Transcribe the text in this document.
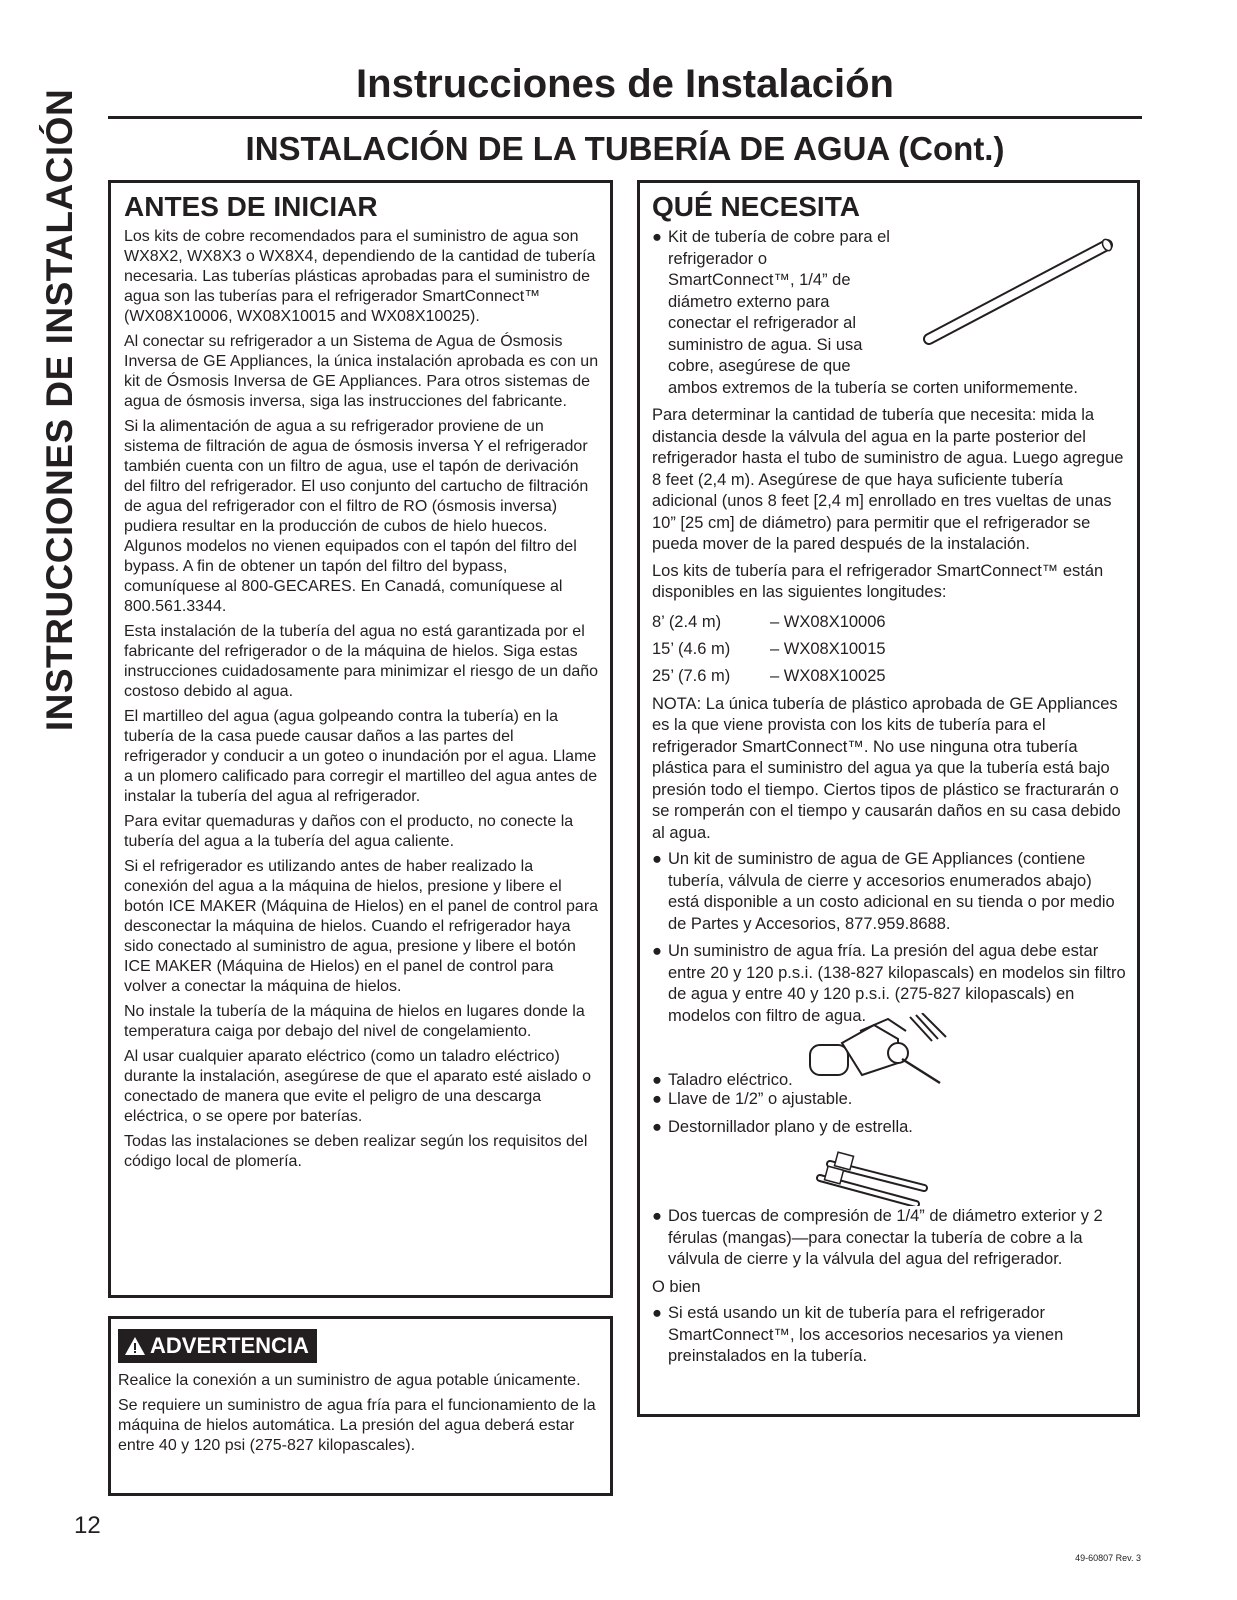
INSTRUCCIONES DE INSTALACIÓN
Instrucciones de Instalación
INSTALACIÓN DE LA TUBERÍA DE AGUA (Cont.)
ANTES DE INICIAR

Los kits de cobre recomendados para el suministro de agua son WX8X2, WX8X3 o WX8X4, dependiendo de la cantidad de tubería necesaria. Las tuberías plásticas aprobadas para el suministro de agua son las tuberías para el refrigerador SmartConnect™ (WX08X10006, WX08X10015 and WX08X10025).

Al conectar su refrigerador a un Sistema de Agua de Ósmosis Inversa de GE Appliances, la única instalación aprobada es con un kit de Ósmosis Inversa de GE Appliances. Para otros sistemas de agua de ósmosis inversa, siga las instrucciones del fabricante.

Si la alimentación de agua a su refrigerador proviene de un sistema de filtración de agua de ósmosis inversa Y el refrigerador también cuenta con un filtro de agua, use el tapón de derivación del filtro del refrigerador. El uso conjunto del cartucho de filtración de agua del refrigerador con el filtro de RO (ósmosis inversa) pudiera resultar en la producción de cubos de hielo huecos. Algunos modelos no vienen equipados con el tapón del filtro del bypass. A fin de obtener un tapón del filtro del bypass, comuníquese al 800-GECARES. En Canadá, comuníquese al 800.561.3344.

Esta instalación de la tubería del agua no está garantizada por el fabricante del refrigerador o de la máquina de hielos. Siga estas instrucciones cuidadosamente para minimizar el riesgo de un daño costoso debido al agua.

El martilleo del agua (agua golpeando contra la tubería) en la tubería de la casa puede causar daños a las partes del refrigerador y conducir a un goteo o inundación por el agua. Llame a un plomero calificado para corregir el martilleo del agua antes de instalar la tubería del agua al refrigerador.

Para evitar quemaduras y daños con el producto, no conecte la tubería del agua a la tubería del agua caliente.

Si el refrigerador es utilizando antes de haber realizado la conexión del agua a la máquina de hielos, presione y libere el botón ICE MAKER (Máquina de Hielos) en el panel de control para desconectar la máquina de hielos. Cuando el refrigerador haya sido conectado al suministro de agua, presione y libere el botón ICE MAKER (Máquina de Hielos) en el panel de control para volver a conectar la máquina de hielos.

No instale la tubería de la máquina de hielos en lugares donde la temperatura caiga por debajo del nivel de congelamiento.

Al usar cualquier aparato eléctrico (como un taladro eléctrico) durante la instalación, asegúrese de que el aparato esté aislado o conectado de manera que evite el peligro de una descarga eléctrica, o se opere por baterías.

Todas las instalaciones se deben realizar según los requisitos del código local de plomería.

ADVERTENCIA

Realice la conexión a un suministro de agua potable únicamente.

Se requiere un suministro de agua fría para el funcionamiento de la máquina de hielos automática. La presión del agua deberá estar entre 40 y 120 psi (275-827 kilopascales).

QUÉ NECESITA
● Kit de tubería de cobre para el refrigerador o SmartConnect™, 1/4” de diámetro externo para conectar el refrigerador al suministro de agua. Si usa cobre, asegúrese de que ambos extremos de la tubería se corten uniformemente.

Para determinar la cantidad de tubería que necesita: mida la distancia desde la válvula del agua en la parte posterior del refrigerador hasta el tubo de suministro de agua. Luego agregue 8 feet (2,4 m). Asegúrese de que haya suficiente tubería adicional (unos 8 feet [2,4 m] enrollado en tres vueltas de unas 10” [25 cm] de diámetro) para permitir que el refrigerador se pueda mover de la pared después de la instalación.

Los kits de tubería para el refrigerador SmartConnect™ están disponibles en las siguientes longitudes:

8’ (2.4 m)	– WX08X10006
15’ (4.6 m)	– WX08X10015
25’ (7.6 m)	– WX08X10025

NOTA: La única tubería de plástico aprobada de GE Appliances es la que viene provista con los kits de tubería para el refrigerador SmartConnect™. No use ninguna otra tubería plástica para el suministro del agua ya que la tubería está bajo presión todo el tiempo. Ciertos tipos de plástico se fracturarán o se romperán con el tiempo y causarán daños en su casa debido al agua.

● Un kit de suministro de agua de GE Appliances (contiene tubería, válvula de cierre y accesorios enumerados abajo) está disponible a un costo adicional en su tienda o por medio de Partes y Accesorios, 877.959.8688.
● Un suministro de agua fría. La presión del agua debe estar entre 20 y 120 p.s.i. (138-827 kilopascals) en modelos sin filtro de agua y entre 40 y 120 p.s.i. (275-827 kilopascals) en modelos con filtro de agua.
● Taladro eléctrico.
● Llave de 1/2” o ajustable.
● Destornillador plano y de estrella.
● Dos tuercas de compresión de 1/4” de diámetro exterior y 2 férulas (mangas)—para conectar la tubería de cobre a la válvula de cierre y la válvula del agua del refrigerador.

O bien

● Si está usando un kit de tubería para el refrigerador SmartConnect™, los accesorios necesarios ya vienen preinstalados en la tubería.

12

49-60807 Rev. 3
